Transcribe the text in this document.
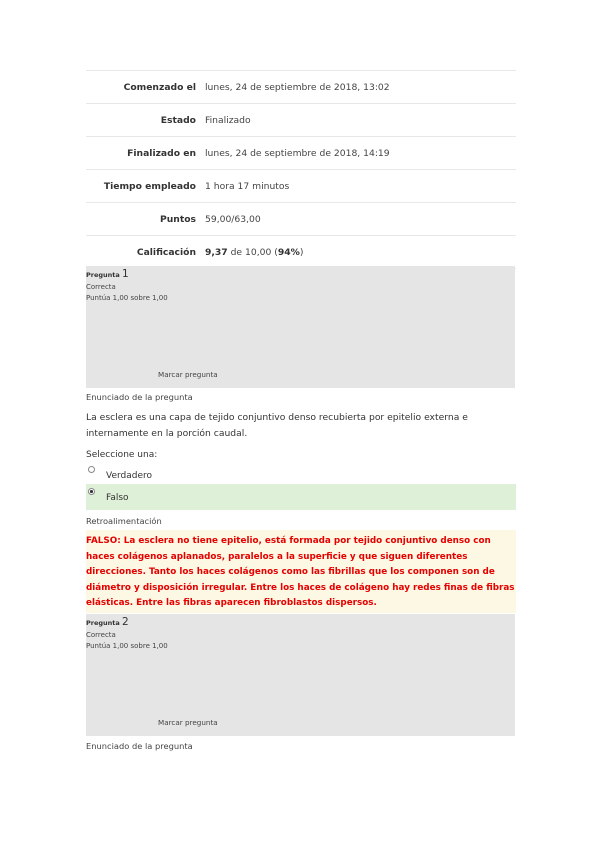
Comenzado el lunes, 24 de septiembre de 2018, 13:02
Estado Finalizado
Finalizado en lunes, 24 de septiembre de 2018, 14:19
Tiempo empleado 1 hora 17 minutos
Puntos 59,00/63,00
Calificación 9,37 de 10,00 (94%)
Pregunta 1
Correcta
Puntúa 1,00 sobre 1,00
Marcar pregunta
Enunciado de la pregunta
La esclera es una capa de tejido conjuntivo denso recubierta por epitelio externa e internamente en la porción caudal.
Seleccione una:
Verdadero
Falso
Retroalimentación

FALSO: La esclera no tiene epitelio, está formada por tejido conjuntivo denso con haces colágenos aplanados, paralelos a la superficie y que siguen diferentes direcciones. Tanto los haces colágenos como las fibrillas que los componen son de diámetro y disposición irregular. Entre los haces de colágeno hay redes finas de fibras elásticas. Entre las fibras aparecen fibroblastos dispersos.

Pregunta 2
Correcta
Puntúa 1,00 sobre 1,00
Marcar pregunta
Enunciado de la pregunta
